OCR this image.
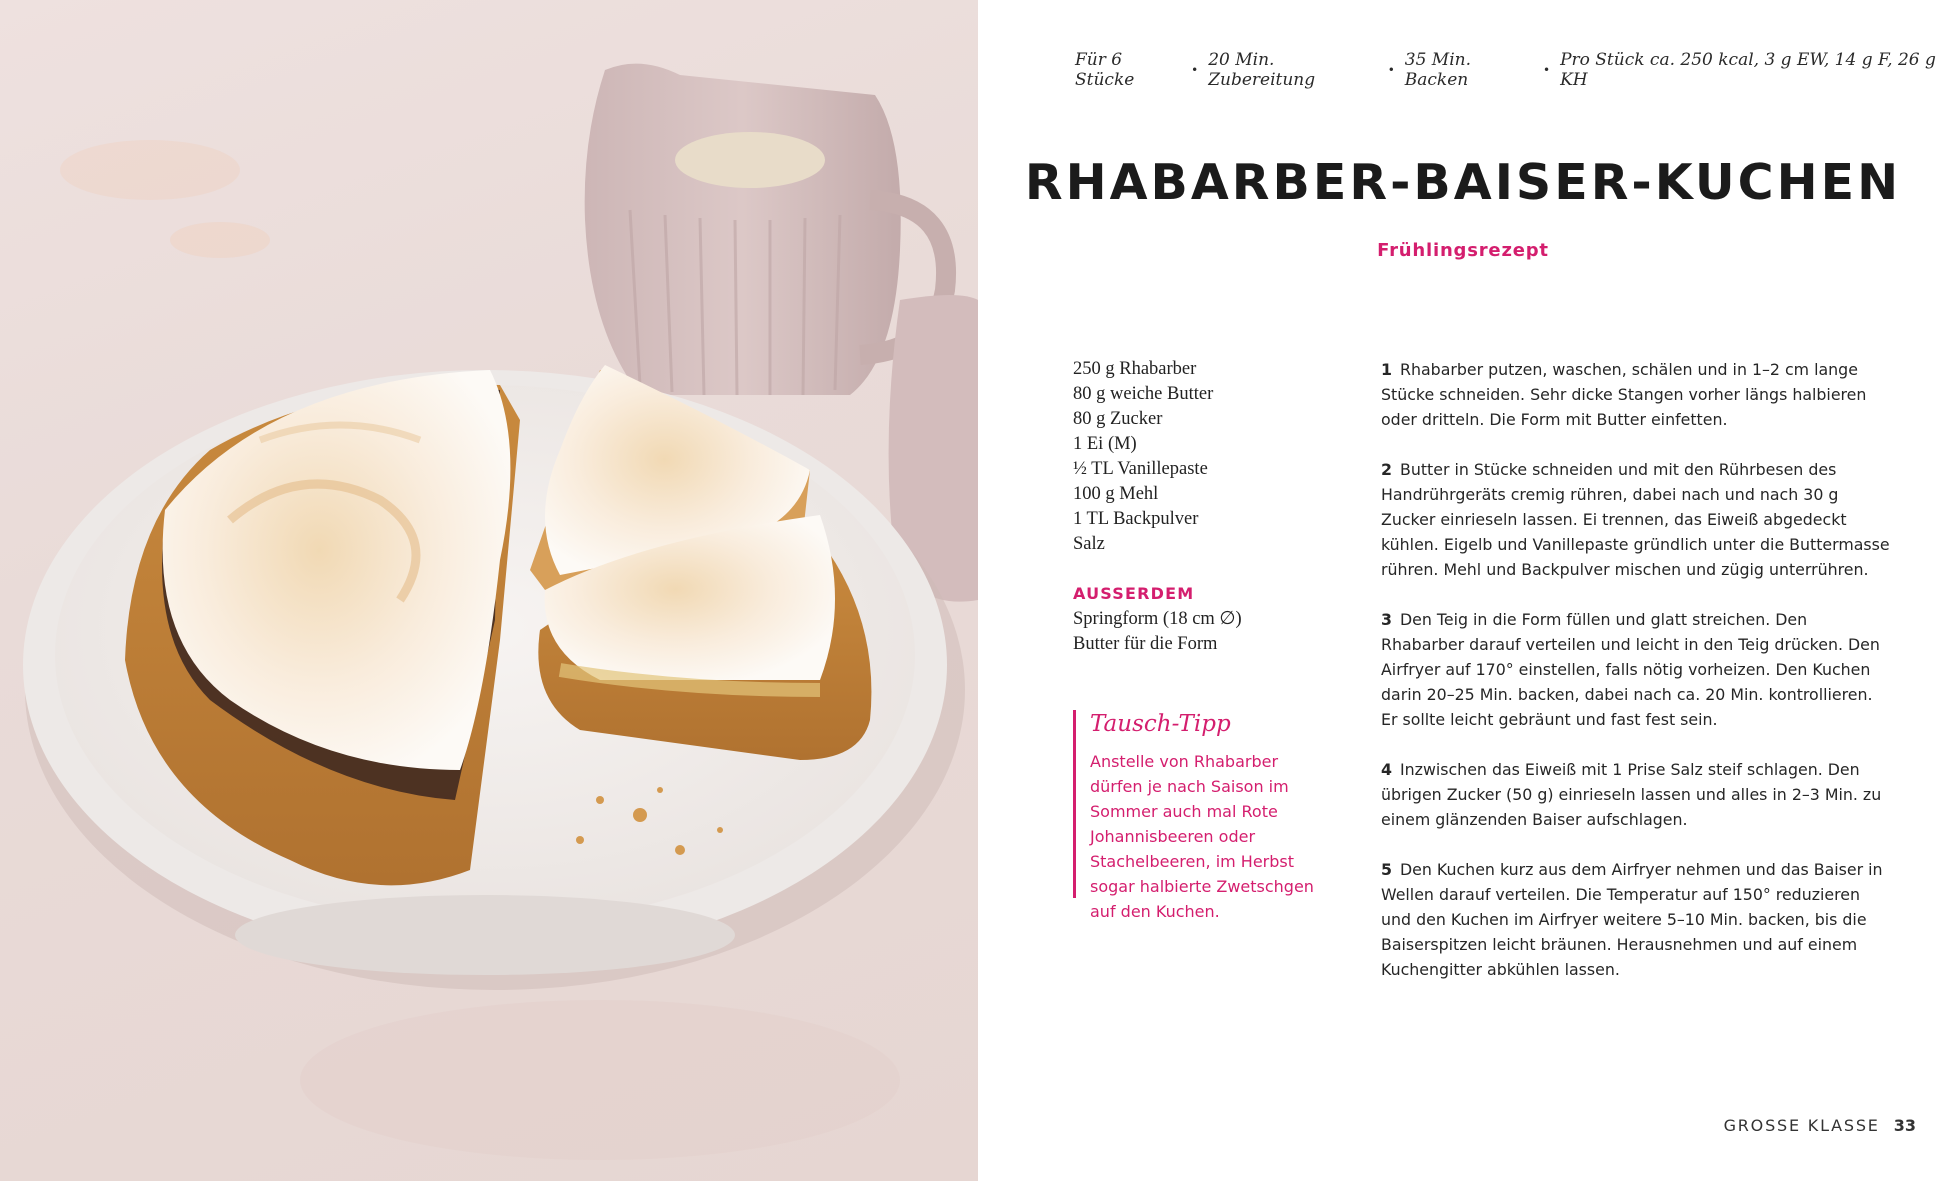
Für 6 Stücke	• 20 Min. Zubereitung	• 35 Min. Backen	• Pro Stück ca. 250 kcal, 3 g EW, 14 g F, 26 g KH
RHABARBER-BAISER-KUCHEN
Frühlingsrezept
250 g Rhabarber
80 g weiche Butter
80 g Zucker
1 Ei (M)
½ TL Vanillepaste
100 g Mehl
1 TL Backpulver
Salz
AUSSERDEM
Springform (18 cm ∅)
Butter für die Form
Tausch-Tipp
Anstelle von Rhabarber dürfen je nach Saison im Sommer auch mal Rote Johannisbeeren oder Stachelbeeren, im Herbst sogar halbierte Zwetschgen auf den Kuchen.

1 Rhabarber putzen, waschen, schälen und in 1–2 cm lange Stücke schneiden. Sehr dicke Stangen vorher längs halbieren oder dritteln. Die Form mit Butter einfetten.

2 Butter in Stücke schneiden und mit den Rührbesen des Handrührgeräts cremig rühren, dabei nach und nach 30 g Zucker einrieseln lassen. Ei trennen, das Eiweiß abgedeckt kühlen. Eigelb und Vanillepaste gründlich unter die Buttermasse rühren. Mehl und Backpulver mischen und zügig unterrühren.

3 Den Teig in die Form füllen und glatt streichen. Den Rhabarber darauf verteilen und leicht in den Teig drücken. Den Airfryer auf 170° einstellen, falls nötig vorheizen. Den Kuchen darin 20–25 Min. backen, dabei nach ca. 20 Min. kontrollieren. Er sollte leicht gebräunt und fast fest sein.

4 Inzwischen das Eiweiß mit 1 Prise Salz steif schlagen. Den übrigen Zucker (50 g) einrieseln lassen und alles in 2–3 Min. zu einem glänzenden Baiser aufschlagen.

5 Den Kuchen kurz aus dem Airfryer nehmen und das Baiser in Wellen darauf verteilen. Die Temperatur auf 150° reduzieren und den Kuchen im Airfryer weitere 5–10 Min. backen, bis die Baiserspitzen leicht bräunen. Herausnehmen und auf einem Kuchengitter abkühlen lassen.

GROSSE KLASSE 33
